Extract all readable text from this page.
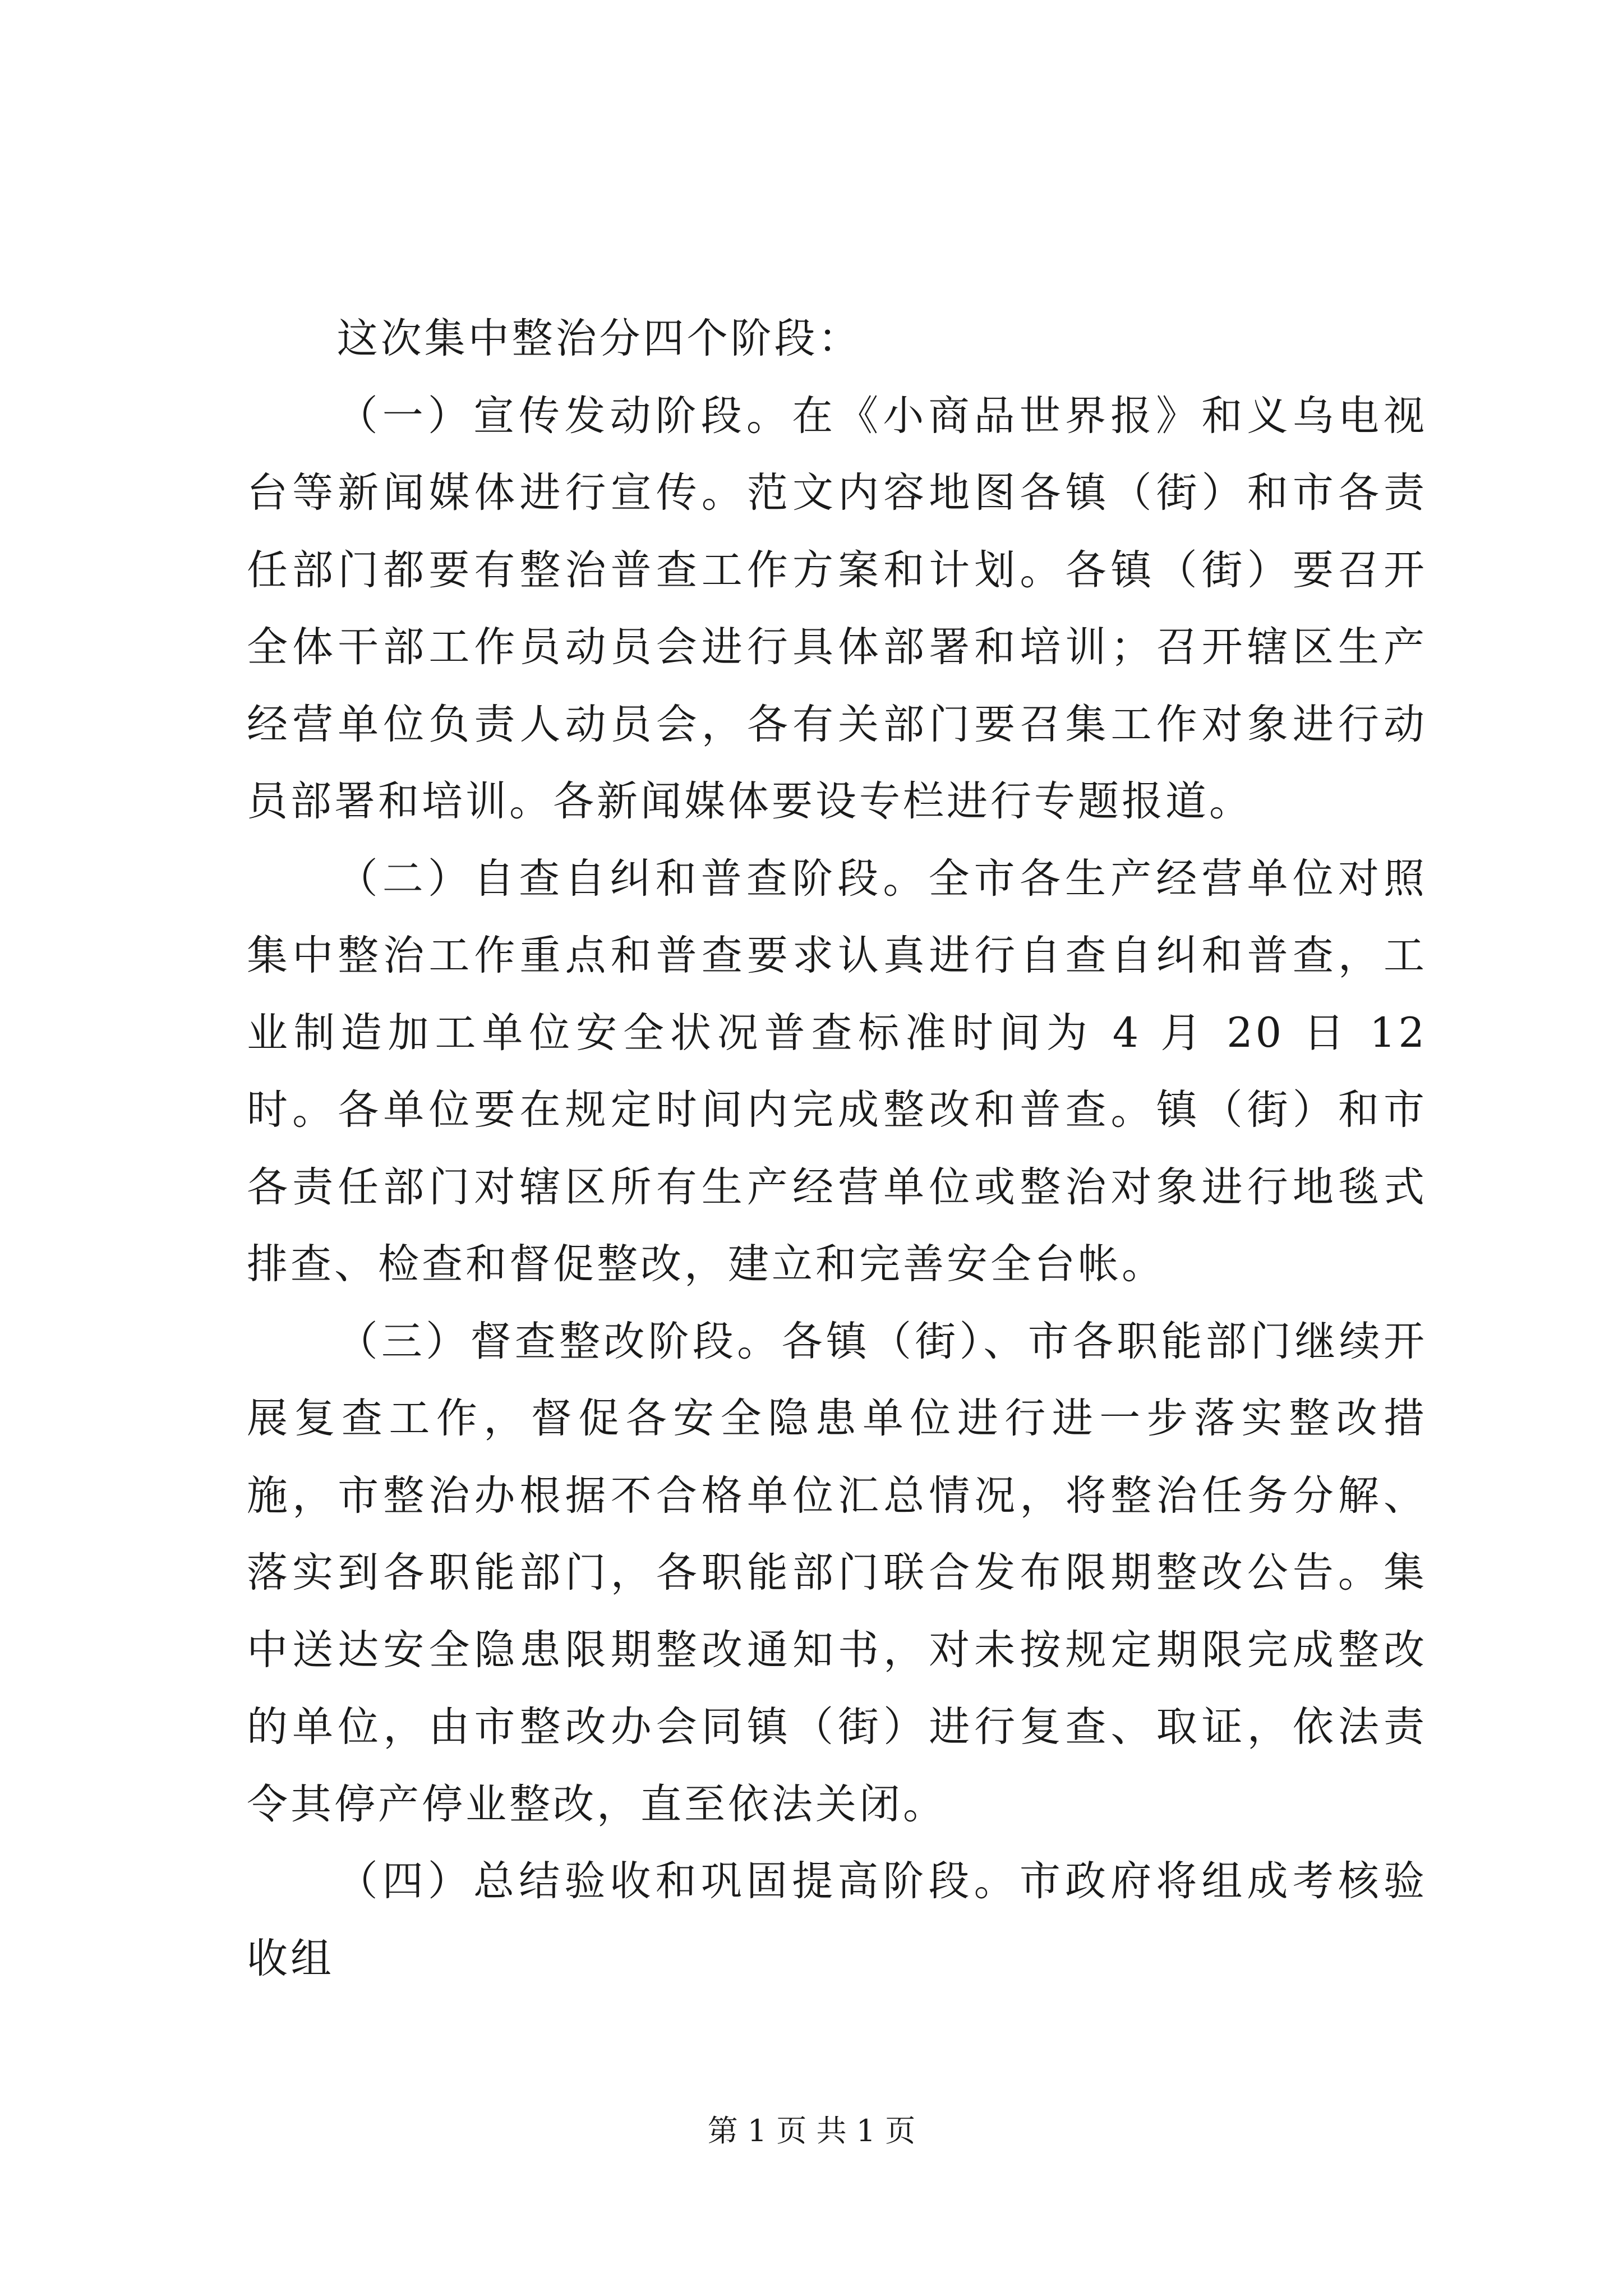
这次集中整治分四个阶段：

（一）宣传发动阶段。在《小商品世界报》和义乌电视台等新闻媒体进行宣传。范文内容地图各镇（街）和市各责任部门都要有整治普查工作方案和计划。各镇（街）要召开全体干部工作员动员会进行具体部署和培训；召开辖区生产经营单位负责人动员会，各有关部门要召集工作对象进行动员部署和培训。各新闻媒体要设专栏进行专题报道。

（二）自查自纠和普查阶段。全市各生产经营单位对照集中整治工作重点和普查要求认真进行自查自纠和普查，工业制造加工单位安全状况普查标准时间为 4 月 20 日 12 时。各单位要在规定时间内完成整改和普查。镇（街）和市各责任部门对辖区所有生产经营单位或整治对象进行地毯式排查、检查和督促整改，建立和完善安全台帐。

（三）督查整改阶段。各镇（街）、市各职能部门继续开展复查工作，督促各安全隐患单位进行进一步落实整改措施，市整治办根据不合格单位汇总情况，将整治任务分解、落实到各职能部门，各职能部门联合发布限期整改公告。集中送达安全隐患限期整改通知书，对未按规定期限完成整改的单位，由市整改办会同镇（街）进行复查、取证，依法责令其停产停业整改，直至依法关闭。

（四）总结验收和巩固提高阶段。市政府将组成考核验收组

第 1 页 共 1 页
